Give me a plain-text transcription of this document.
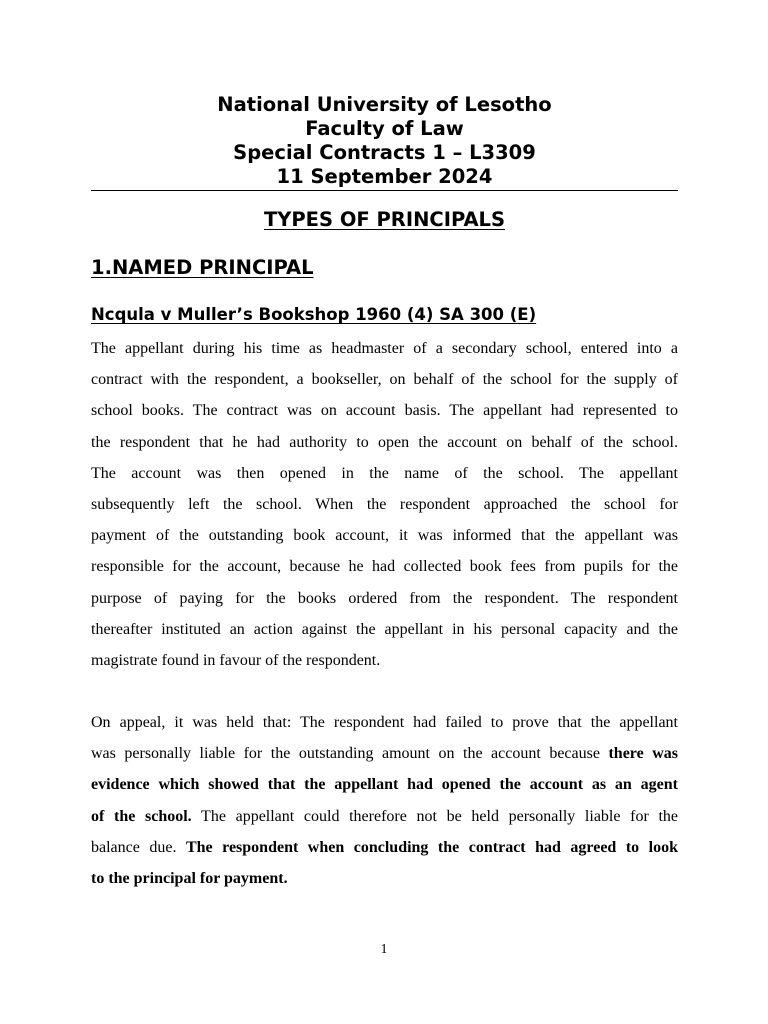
National University of Lesotho
Faculty of Law
Special Contracts 1 – L3309
11 September 2024
TYPES OF PRINCIPALS
1.NAMED PRINCIPAL
Ncqula v Muller’s Bookshop 1960 (4) SA 300 (E)
The appellant during his time as headmaster of a secondary school, entered into a
contract with the respondent, a bookseller, on behalf of the school for the supply of
school books. The contract was on account basis. The appellant had represented to
the respondent that he had authority to open the account on behalf of the school.
The account was then opened in the name of the school. The appellant
subsequently left the school. When the respondent approached the school for
payment of the outstanding book account, it was informed that the appellant was
responsible for the account, because he had collected book fees from pupils for the
purpose of paying for the books ordered from the respondent. The respondent
thereafter instituted an action against the appellant in his personal capacity and the
magistrate found in favour of the respondent.
On appeal, it was held that: The respondent had failed to prove that the appellant
was personally liable for the outstanding amount on the account because there was
evidence which showed that the appellant had opened the account as an agent
of the school. The appellant could therefore not be held personally liable for the
balance due. The respondent when concluding the contract had agreed to look
to the principal for payment.
1
